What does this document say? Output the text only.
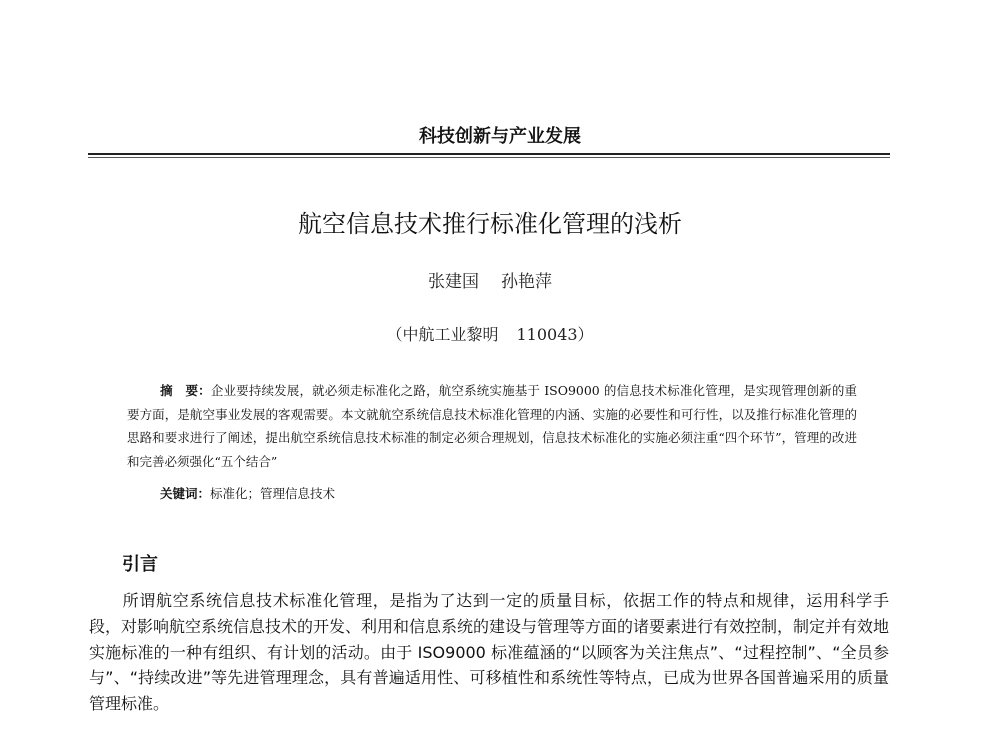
科技创新与产业发展
航空信息技术推行标准化管理的浅析
张建国 孙艳萍
（中航工业黎明 110043）
摘　要：企业要持续发展，就必须走标准化之路，航空系统实施基于 ISO9000 的信息技术标准化管理，是实现管理创新的重要方面，是航空事业发展的客观需要。本文就航空系统信息技术标准化管理的内涵、实施的必要性和可行性，以及推行标准化管理的思路和要求进行了阐述，提出航空系统信息技术标准的制定必须合理规划，信息技术标准化的实施必须注重“四个环节”，管理的改进和完善必须强化“五个结合”
关键词：标准化；管理信息技术
引言
所谓航空系统信息技术标准化管理，是指为了达到一定的质量目标，依据工作的特点和规律，运用科学手段，对影响航空系统信息技术的开发、利用和信息系统的建设与管理等方面的诸要素进行有效控制，制定并有效地实施标准的一种有组织、有计划的活动。由于 ISO9000 标准蕴涵的“以顾客为关注焦点”、“过程控制”、“全员参与”、“持续改进”等先进管理理念，具有普遍适用性、可移植性和系统性等特点，已成为世界各国普遍采用的质量管理标准。
